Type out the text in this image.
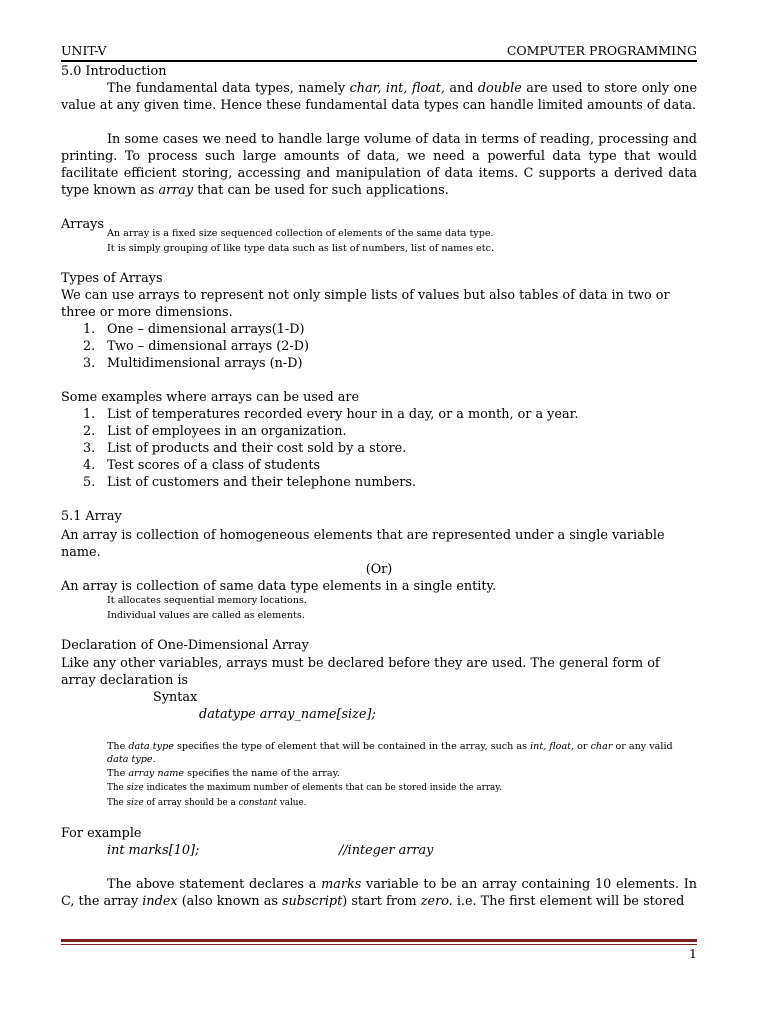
UNIT-V	COMPUTER PROGRAMMING

5.0 Introduction

The fundamental data types, namely char, int, float, and double are used to store only one value at any given time. Hence these fundamental data types can handle limited amounts of data.

In some cases we need to handle large volume of data in terms of reading, processing and printing. To process such large amounts of data, we need a powerful data type that would facilitate efficient storing, accessing and manipulation of data items. C supports a derived data type known as array that can be used for such applications.

Arrays

An array is a fixed size sequenced collection of elements of the same data type.
It is simply grouping of like type data such as list of numbers, list of names etc.

Types of Arrays

We can use arrays to represent not only simple lists of values but also tables of data in two or three or more dimensions.

1. One – dimensional arrays(1-D)
2. Two – dimensional arrays (2-D)
3. Multidimensional arrays (n-D)

Some examples where arrays can be used are

1. List of temperatures recorded every hour in a day, or a month, or a year.
2. List of employees in an organization.
3. List of products and their cost sold by a store.
4. Test scores of a class of students
5. List of customers and their telephone numbers.

5.1 Array

An array is collection of homogeneous elements that are represented under a single variable name.

(Or)

An array is collection of same data type elements in a single entity.

It allocates sequential memory locations.
Individual values are called as elements.

Declaration of One-Dimensional Array

Like any other variables, arrays must be declared before they are used. The general form of array declaration is

Syntax

datatype array_name[size];

The data type specifies the type of element that will be contained in the array, such as int, float, or char or any valid data type.
The array name specifies the name of the array.
The size indicates the maximum number of elements that can be stored inside the array.
The size of array should be a constant value.

For example

int marks[10];	//integer array

The above statement declares a marks variable to be an array containing 10 elements. In C, the array index (also known as subscript) start from zero. i.e. The first element will be stored

1
